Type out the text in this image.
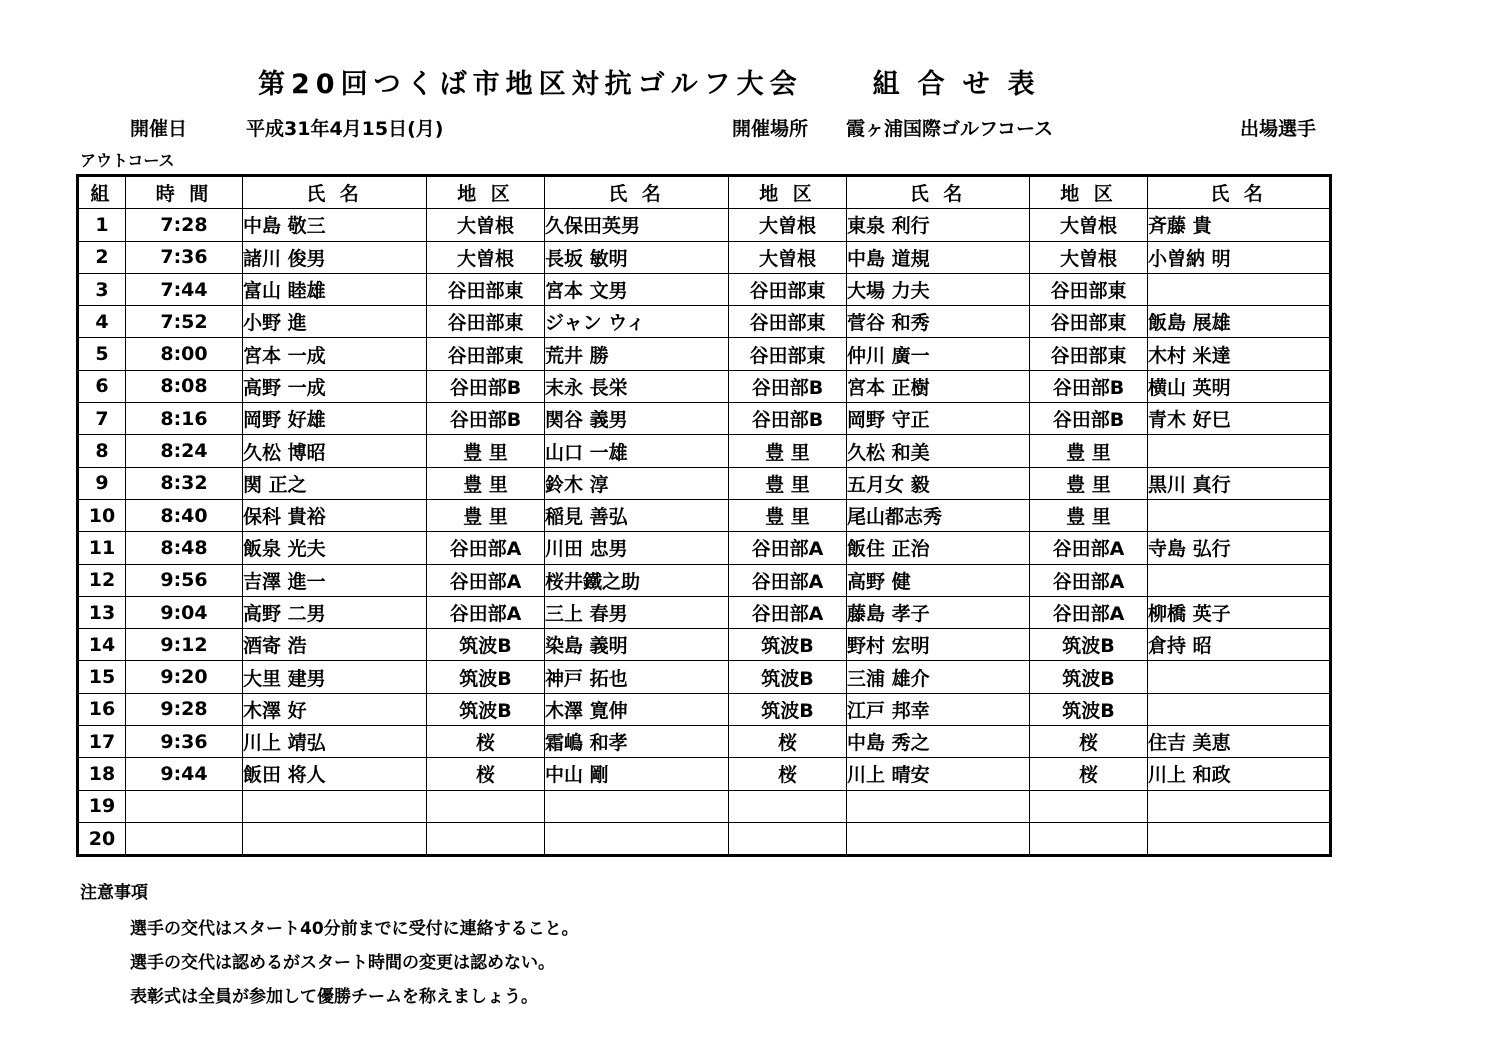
第20回つくば市地区対抗ゴルフ大会	組合せ表
開催日	平成31年4月15日(月)	開催場所 霞ヶ浦国際ゴルフコース	出場選手
アウトコース
組	時 間	氏 名	地 区	氏 名	地 区	氏 名	地 区	氏 名
1	7:28	中島 敬三	大曽根	久保田英男	大曽根	東泉 利行	大曽根	斉藤 貴
2	7:36	諸川 俊男	大曽根	長坂 敏明	大曽根	中島 道規	大曽根	小曽納 明
3	7:44	富山 睦雄	谷田部東	宮本 文男	谷田部東	大場 力夫	谷田部東	
4	7:52	小野 進	谷田部東	ジャン ウィ	谷田部東	菅谷 和秀	谷田部東	飯島 展雄
5	8:00	宮本 一成	谷田部東	荒井 勝	谷田部東	仲川 廣一	谷田部東	木村 米達
6	8:08	高野 一成	谷田部B	末永 長栄	谷田部B	宮本 正樹	谷田部B	横山 英明
7	8:16	岡野 好雄	谷田部B	関谷 義男	谷田部B	岡野 守正	谷田部B	青木 好巳
8	8:24	久松 博昭	豊 里	山口 一雄	豊 里	久松 和美	豊 里	
9	8:32	関 正之	豊 里	鈴木 淳	豊 里	五月女 毅	豊 里	黒川 真行
10	8:40	保科 貴裕	豊 里	稲見 善弘	豊 里	尾山都志秀	豊 里	
11	8:48	飯泉 光夫	谷田部A	川田 忠男	谷田部A	飯住 正治	谷田部A	寺島 弘行
12	9:56	吉澤 進一	谷田部A	桜井鐵之助	谷田部A	高野 健	谷田部A	
13	9:04	高野 二男	谷田部A	三上 春男	谷田部A	藤島 孝子	谷田部A	柳橋 英子
14	9:12	酒寄 浩	筑波B	染島 義明	筑波B	野村 宏明	筑波B	倉持 昭
15	9:20	大里 建男	筑波B	神戸 拓也	筑波B	三浦 雄介	筑波B	
16	9:28	木澤 好	筑波B	木澤 寛伸	筑波B	江戸 邦幸	筑波B	
17	9:36	川上 靖弘	桜	霜嶋 和孝	桜	中島 秀之	桜	住吉 美恵
18	9:44	飯田 将人	桜	中山 剛	桜	川上 晴安	桜	川上 和政
19								
20								
注意事項
選手の交代はスタート40分前までに受付に連絡すること。
選手の交代は認めるがスタート時間の変更は認めない。
表彰式は全員が参加して優勝チームを称えましょう。
